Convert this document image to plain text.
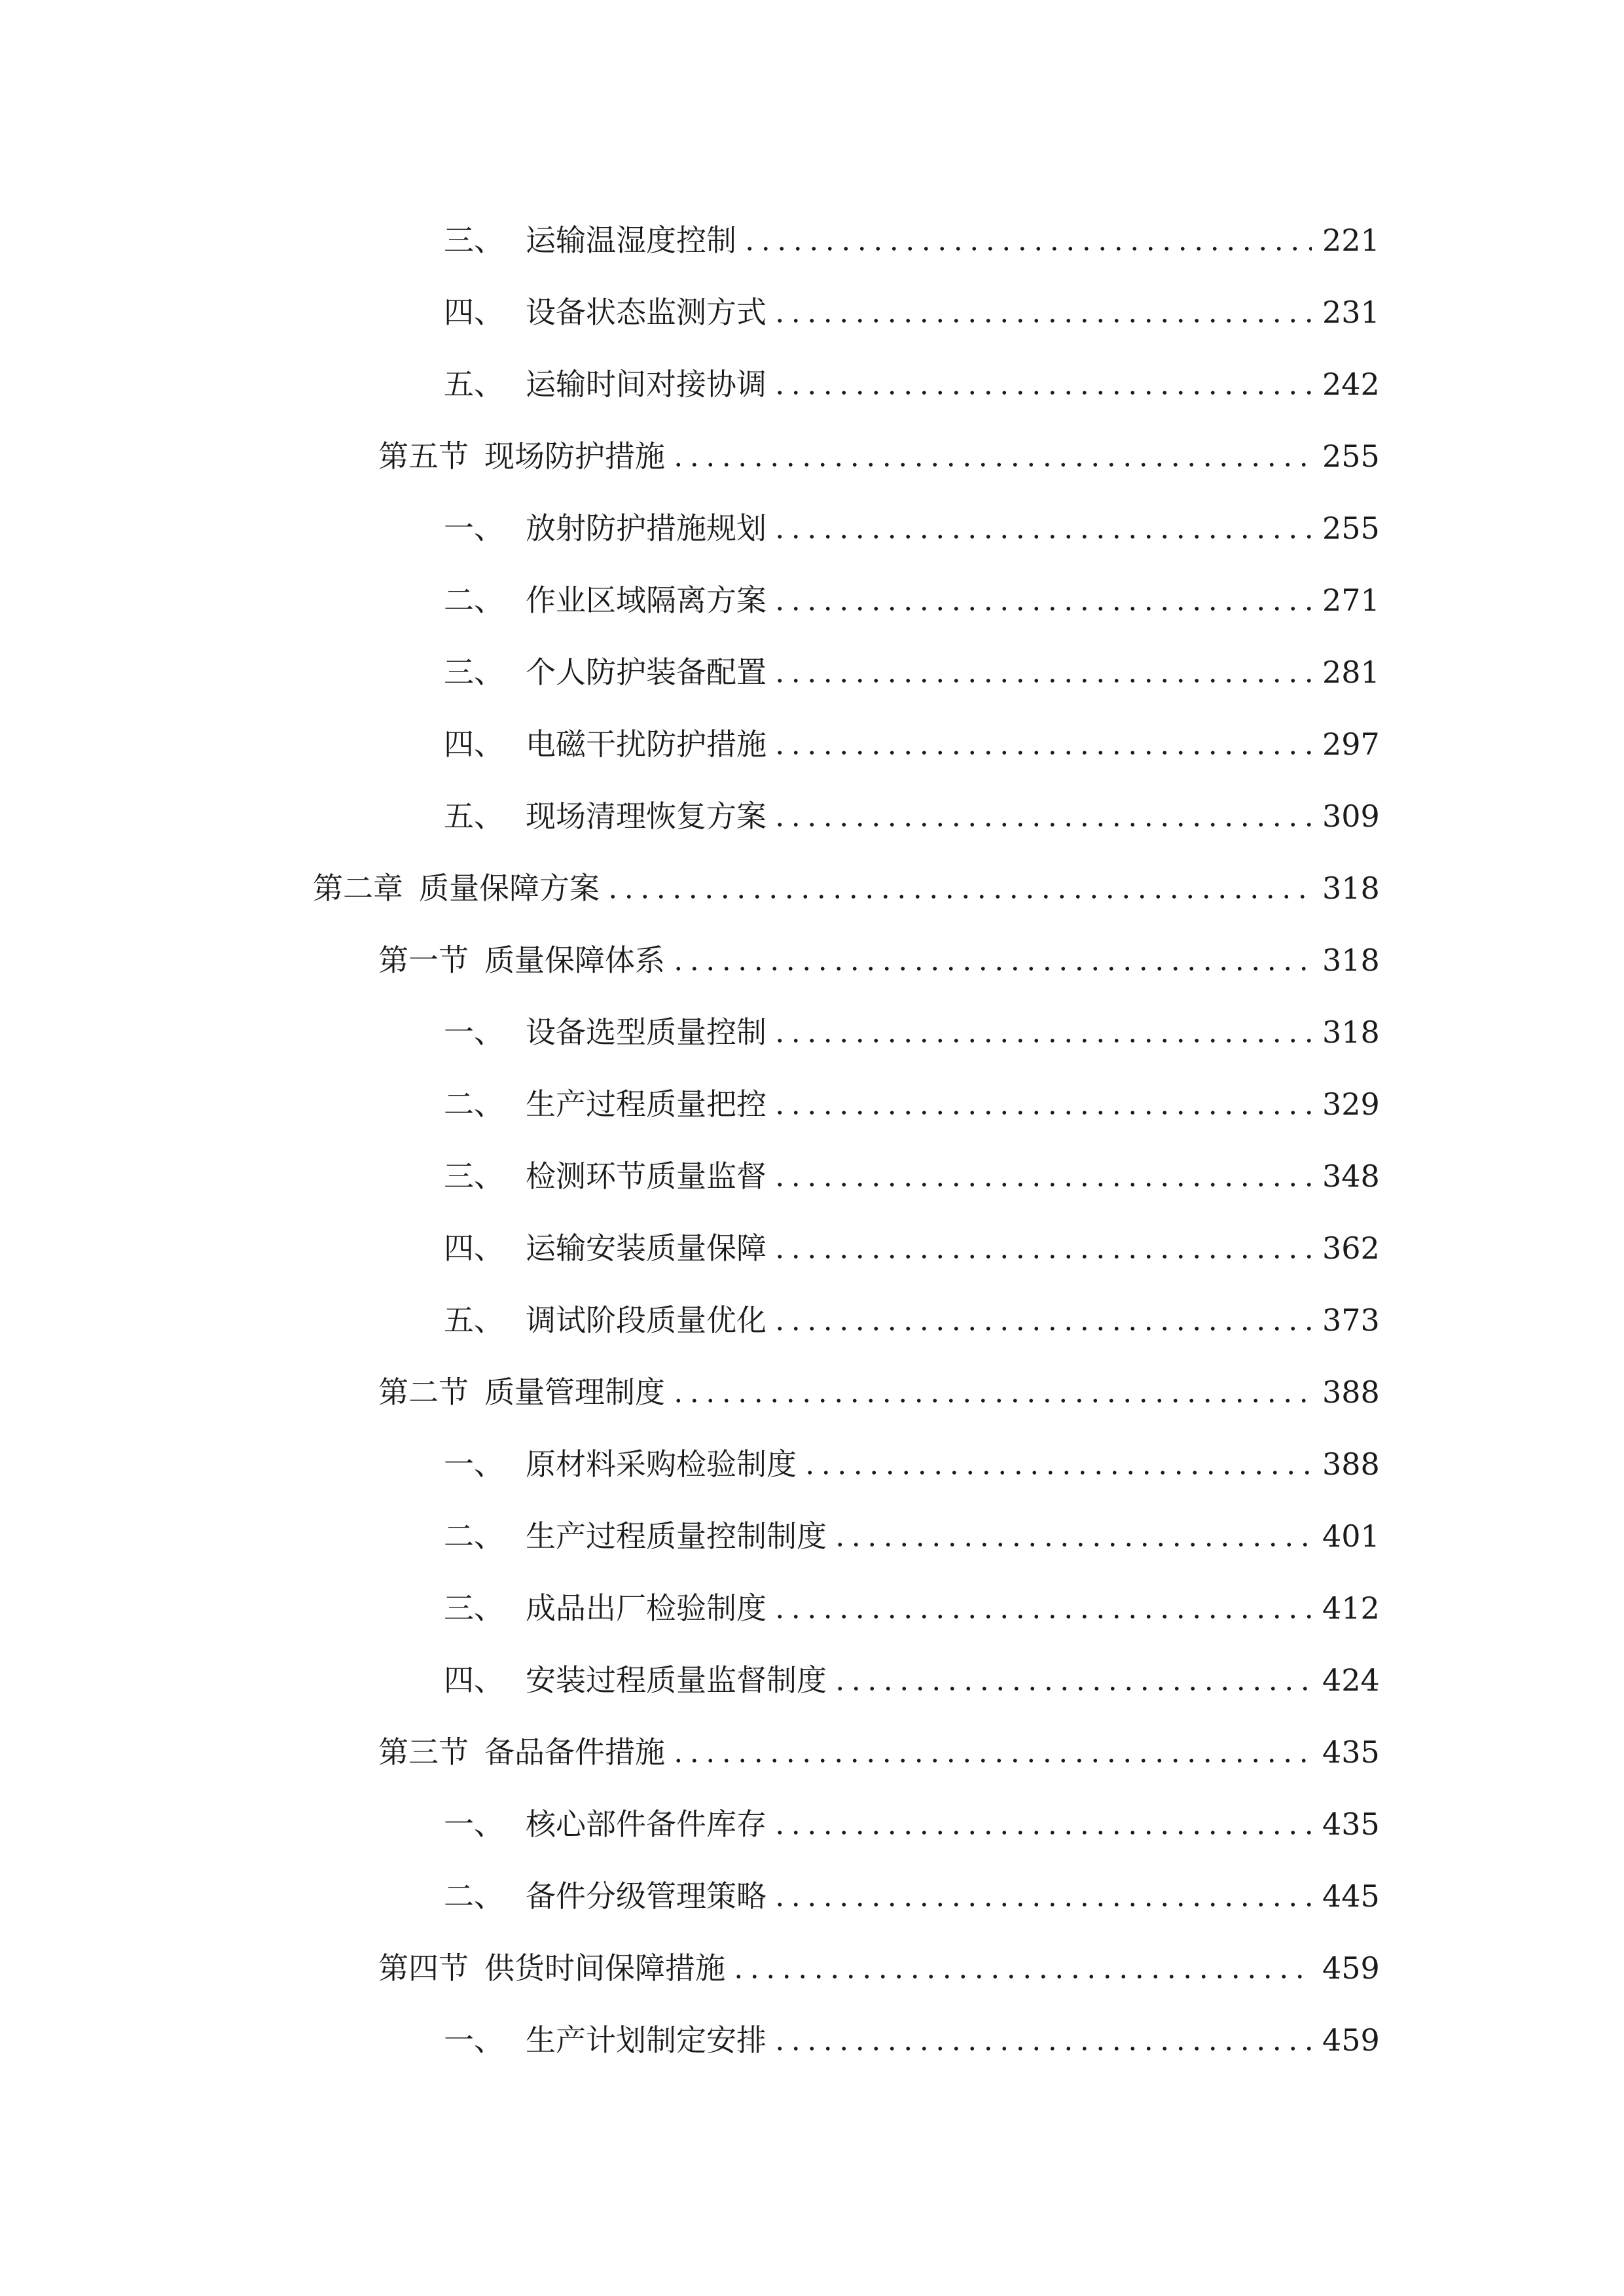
三、 运输温湿度控制	221
四、 设备状态监测方式	231
五、 运输时间对接协调	242
第五节 现场防护措施	255
一、 放射防护措施规划	255
二、 作业区域隔离方案	271
三、 个人防护装备配置	281
四、 电磁干扰防护措施	297
五、 现场清理恢复方案	309
第二章 质量保障方案	318
第一节 质量保障体系	318
一、 设备选型质量控制	318
二、 生产过程质量把控	329
三、 检测环节质量监督	348
四、 运输安装质量保障	362
五、 调试阶段质量优化	373
第二节 质量管理制度	388
一、 原材料采购检验制度	388
二、 生产过程质量控制制度	401
三、 成品出厂检验制度	412
四、 安装过程质量监督制度	424
第三节 备品备件措施	435
一、 核心部件备件库存	435
二、 备件分级管理策略	445
第四节 供货时间保障措施	459
一、 生产计划制定安排	459
